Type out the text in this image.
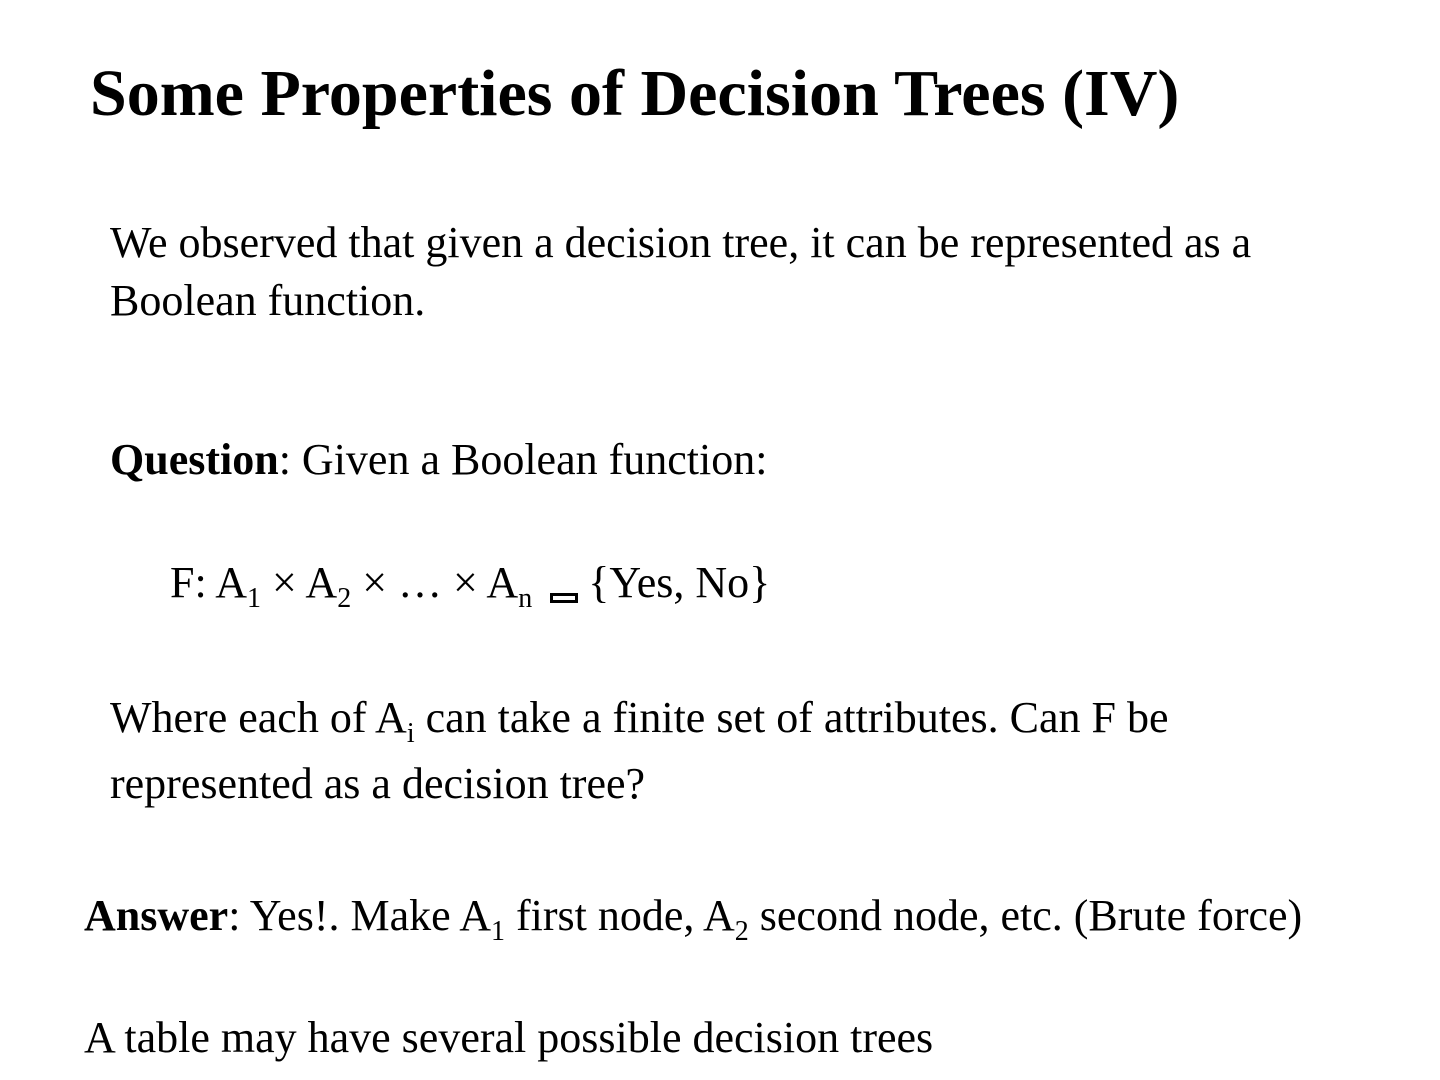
Some Properties of Decision Trees (IV)

We observed that given a decision tree, it can be represented as a

Boolean function.

Question: Given a Boolean function:

F: $A_1 \times A_2$ × … × $A_n$ {Yes, No}

Where each of $A_i$ can take a finite set of attributes. Can F be

represented as a decision tree?

Answer: Yes!. Make $A_1$ first node, $A_2$ second node, etc. (Brute force)

A table may have several possible decision trees
